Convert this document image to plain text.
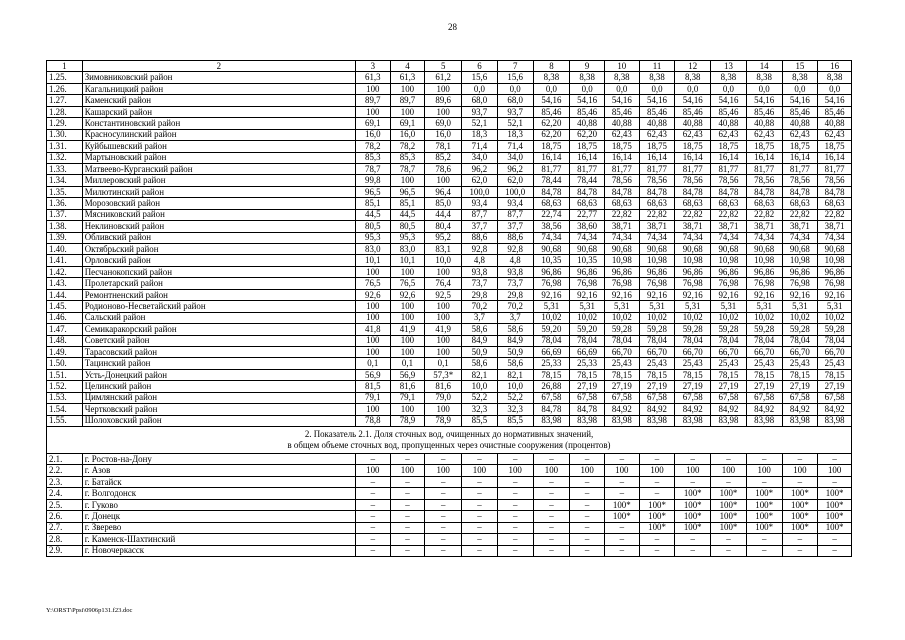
28
1	2	3	4	5	6	7	8	9	10	11	12	13	14	15	16
1.25.	Зимовниковский район	61,3	61,3	61,2	15,6	15,6	8,38	8,38	8,38	8,38	8,38	8,38	8,38	8,38	8,38
1.26.	Кагальницкий район	100	100	100	0,0	0,0	0,0	0,0	0,0	0,0	0,0	0,0	0,0	0,0	0,0
1.27.	Каменский район	89,7	89,7	89,6	68,0	68,0	54,16	54,16	54,16	54,16	54,16	54,16	54,16	54,16	54,16
1.28.	Кашарский район	100	100	100	93,7	93,7	85,46	85,46	85,46	85,46	85,46	85,46	85,46	85,46	85,46
1.29.	Константиновский район	69,1	69,1	69,0	52,1	52,1	62,20	40,88	40,88	40,88	40,88	40,88	40,88	40,88	40,88
1.30.	Красносулинский район	16,0	16,0	16,0	18,3	18,3	62,20	62,20	62,43	62,43	62,43	62,43	62,43	62,43	62,43
1.31.	Куйбышевский район	78,2	78,2	78,1	71,4	71,4	18,75	18,75	18,75	18,75	18,75	18,75	18,75	18,75	18,75
1.32.	Мартыновский район	85,3	85,3	85,2	34,0	34,0	16,14	16,14	16,14	16,14	16,14	16,14	16,14	16,14	16,14
1.33.	Матвеево-Курганский район	78,7	78,7	78,6	96,2	96,2	81,77	81,77	81,77	81,77	81,77	81,77	81,77	81,77	81,77
1.34.	Миллеровский район	99,8	100	100	62,0	62,0	78,44	78,44	78,56	78,56	78,56	78,56	78,56	78,56	78,56
1.35.	Милютинский район	96,5	96,5	96,4	100,0	100,0	84,78	84,78	84,78	84,78	84,78	84,78	84,78	84,78	84,78
1.36.	Морозовский район	85,1	85,1	85,0	93,4	93,4	68,63	68,63	68,63	68,63	68,63	68,63	68,63	68,63	68,63
1.37.	Мясниковский район	44,5	44,5	44,4	87,7	87,7	22,74	22,77	22,82	22,82	22,82	22,82	22,82	22,82	22,82
1.38.	Неклиновский район	80,5	80,5	80,4	37,7	37,7	38,56	38,60	38,71	38,71	38,71	38,71	38,71	38,71	38,71
1.39.	Обливский район	95,3	95,3	95,2	88,6	88,6	74,34	74,34	74,34	74,34	74,34	74,34	74,34	74,34	74,34
1.40.	Октябрьский район	83,0	83,0	83,1	92,8	92,8	90,68	90,68	90,68	90,68	90,68	90,68	90,68	90,68	90,68
1.41.	Орловский район	10,1	10,1	10,0	4,8	4,8	10,35	10,35	10,98	10,98	10,98	10,98	10,98	10,98	10,98
1.42.	Песчанокопский район	100	100	100	93,8	93,8	96,86	96,86	96,86	96,86	96,86	96,86	96,86	96,86	96,86
1.43.	Пролетарский район	76,5	76,5	76,4	73,7	73,7	76,98	76,98	76,98	76,98	76,98	76,98	76,98	76,98	76,98
1.44.	Ремонтненский район	92,6	92,6	92,5	29,8	29,8	92,16	92,16	92,16	92,16	92,16	92,16	92,16	92,16	92,16
1.45.	Родионово-Несветайский район	100	100	100	70,2	70,2	5,31	5,31	5,31	5,31	5,31	5,31	5,31	5,31	5,31
1.46.	Сальский район	100	100	100	3,7	3,7	10,02	10,02	10,02	10,02	10,02	10,02	10,02	10,02	10,02
1.47.	Семикаракорский район	41,8	41,9	41,9	58,6	58,6	59,20	59,20	59,28	59,28	59,28	59,28	59,28	59,28	59,28
1.48.	Советский район	100	100	100	84,9	84,9	78,04	78,04	78,04	78,04	78,04	78,04	78,04	78,04	78,04
1.49.	Тарасовский район	100	100	100	50,9	50,9	66,69	66,69	66,70	66,70	66,70	66,70	66,70	66,70	66,70
1.50.	Тацинский район	0,1	0,1	0,1	58,6	58,6	25,33	25,33	25,43	25,43	25,43	25,43	25,43	25,43	25,43
1.51.	Усть-Донецкий район	56,9	56,9	57,3*	82,1	82,1	78,15	78,15	78,15	78,15	78,15	78,15	78,15	78,15	78,15
1.52.	Целинский район	81,5	81,6	81,6	10,0	10,0	26,88	27,19	27,19	27,19	27,19	27,19	27,19	27,19	27,19
1.53.	Цимлянский район	79,1	79,1	79,0	52,2	52,2	67,58	67,58	67,58	67,58	67,58	67,58	67,58	67,58	67,58
1.54.	Чертковский район	100	100	100	32,3	32,3	84,78	84,78	84,92	84,92	84,92	84,92	84,92	84,92	84,92
1.55.	Шолоховский район	78,8	78,9	78,9	85,5	85,5	83,98	83,98	83,98	83,98	83,98	83,98	83,98	83,98	83,98

2. Показатель 2.1. Доля сточных вод, очищенных до нормативных значений,
в общем объеме сточных вод, пропущенных через очистные сооружения (процентов)															

2.1.	г. Ростов-на-Дону	–	–	–	–	–	–	–	–	–	–	–	–	–	–
2.2.	г. Азов	100	100	100	100	100	100	100	100	100	100	100	100	100	100
2.3.	г. Батайск	–	–	–	–	–	–	–	–	–	–	–	–	–	–
2.4.	г. Волгодонск	–	–	–	–	–	–	–	–	–	100*	100*	100*	100*	100*
2.5.	г. Гуково	–	–	–	–	–	–	–	100*	100*	100*	100*	100*	100*	100*
2.6.	г. Донецк	–	–	–	–	–	–	–	100*	100*	100*	100*	100*	100*	100*
2.7.	г. Зверево	–	–	–	–	–	–	–	–	100*	100*	100*	100*	100*	100*
2.8.	г. Каменск-Шахтинский	–	–	–	–	–	–	–	–	–	–	–	–	–	–
2.9.	г. Новочеркасск	–	–	–	–	–	–	–	–	–	–	–	–	–	–
Y:\ORST\Ppsi\0906p131.f23.doc
